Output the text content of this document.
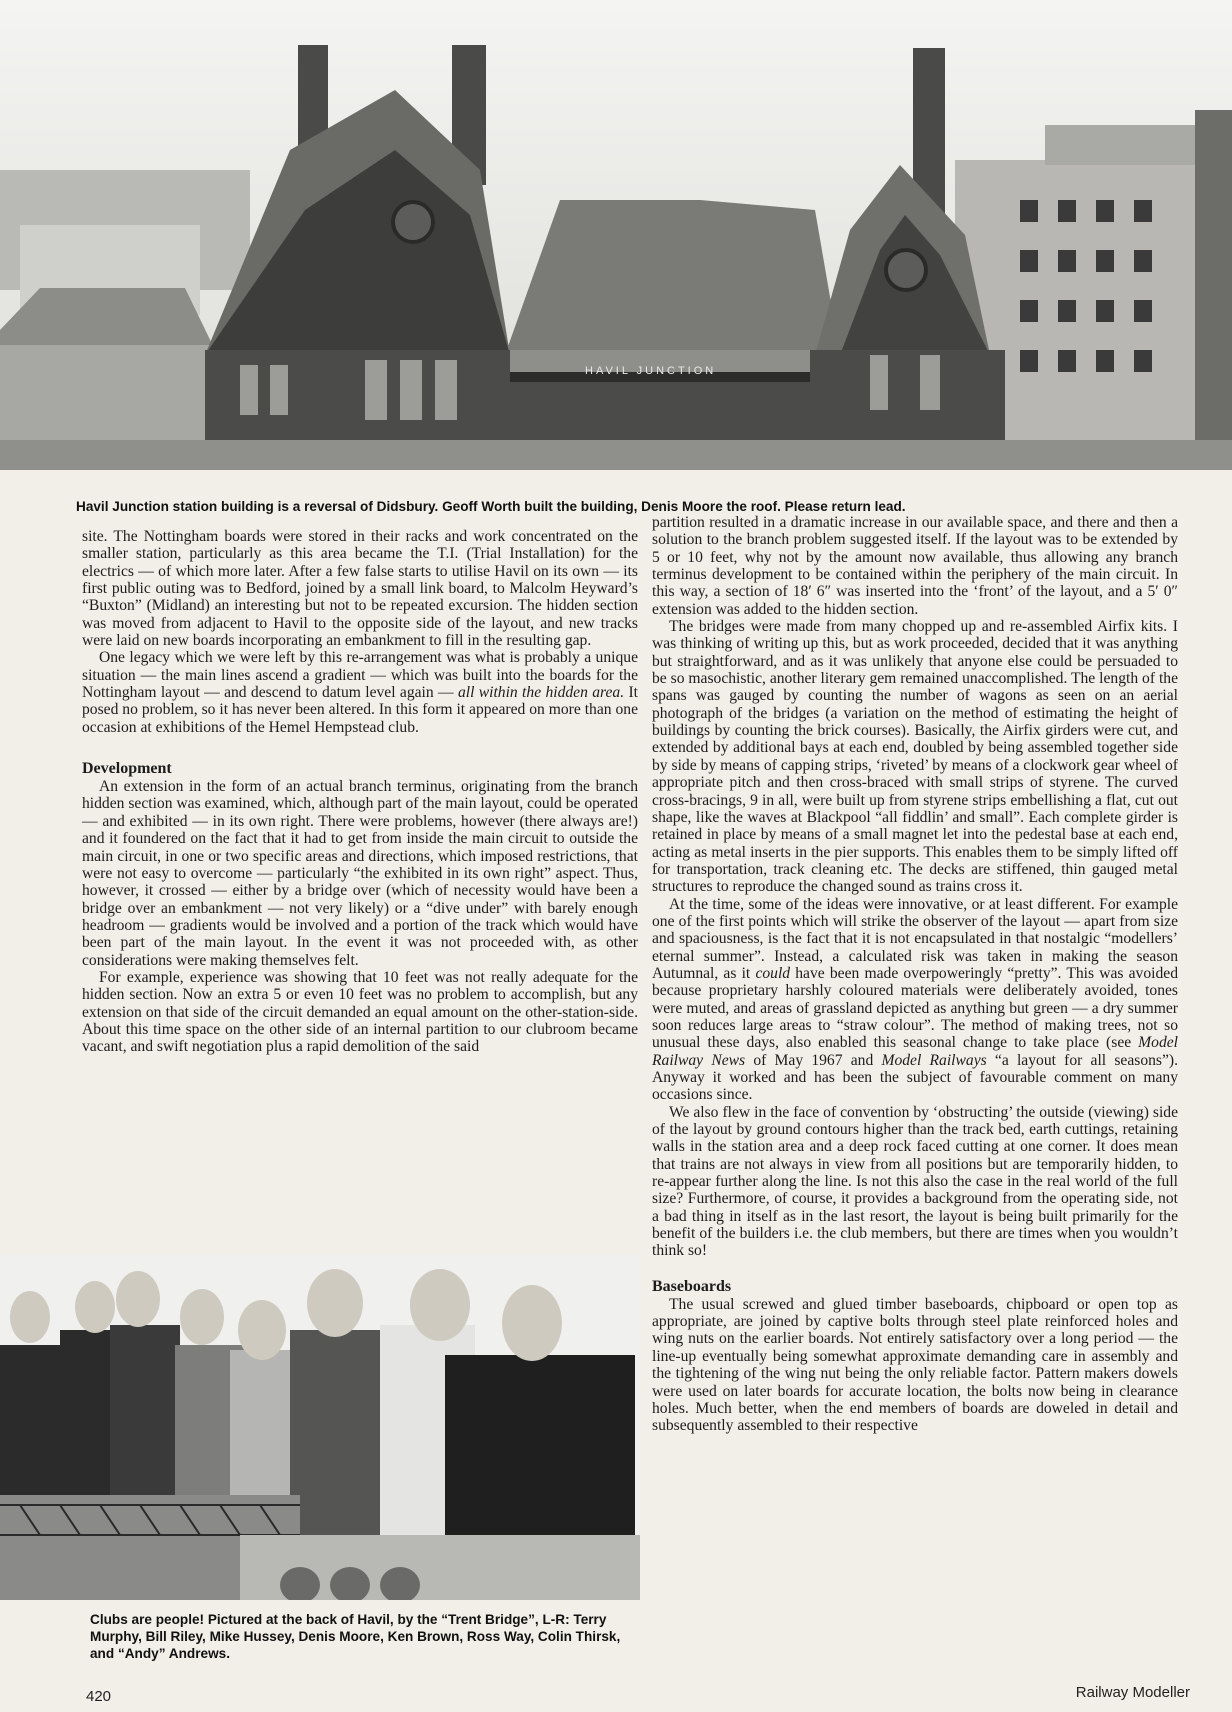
HAVIL JUNCTION
Havil Junction station building is a reversal of Didsbury. Geoff Worth built the building, Denis Moore the roof. Please return lead.

site. The Nottingham boards were stored in their racks and work concentrated on the smaller station, particularly as this area became the T.I. (Trial Installation) for the electrics — of which more later. After a few false starts to utilise Havil on its own — its first public outing was to Bedford, joined by a small link board, to Malcolm Heyward’s “Buxton” (Midland) an interesting but not to be repeated excursion. The hidden section was moved from adjacent to Havil to the opposite side of the layout, and new tracks were laid on new boards incorporating an embankment to fill in the resulting gap.

One legacy which we were left by this re-arrangement was what is probably a unique situation — the main lines ascend a gradient — which was built into the boards for the Nottingham layout — and descend to datum level again — all within the hidden area. It posed no problem, so it has never been altered. In this form it appeared on more than one occasion at exhibitions of the Hemel Hempstead club.

Development

An extension in the form of an actual branch terminus, originating from the branch hidden section was examined, which, although part of the main layout, could be operated — and exhibited — in its own right. There were problems, however (there always are!) and it foundered on the fact that it had to get from inside the main circuit to outside the main circuit, in one or two specific areas and directions, which imposed restrictions, that were not easy to overcome — particularly “the exhibited in its own right” aspect. Thus, however, it crossed — either by a bridge over (which of necessity would have been a bridge over an embankment — not very likely) or a “dive under” with barely enough headroom — gradients would be involved and a portion of the track which would have been part of the main layout. In the event it was not proceeded with, as other considerations were making themselves felt.

For example, experience was showing that 10 feet was not really adequate for the hidden section. Now an extra 5 or even 10 feet was no problem to accomplish, but any extension on that side of the circuit demanded an equal amount on the other-station-side. About this time space on the other side of an internal partition to our clubroom became vacant, and swift negotiation plus a rapid demolition of the said

partition resulted in a dramatic increase in our available space, and there and then a solution to the branch problem suggested itself. If the layout was to be extended by 5 or 10 feet, why not by the amount now available, thus allowing any branch terminus development to be contained within the periphery of the main circuit. In this way, a section of 18′ 6″ was inserted into the ‘front’ of the layout, and a 5′ 0″ extension was added to the hidden section.

The bridges were made from many chopped up and re-assembled Airfix kits. I was thinking of writing up this, but as work proceeded, decided that it was anything but straightforward, and as it was unlikely that anyone else could be persuaded to be so masochistic, another literary gem remained unaccomplished. The length of the spans was gauged by counting the number of wagons as seen on an aerial photograph of the bridges (a variation on the method of estimating the height of buildings by counting the brick courses). Basically, the Airfix girders were cut, and extended by additional bays at each end, doubled by being assembled together side by side by means of capping strips, ‘riveted’ by means of a clockwork gear wheel of appropriate pitch and then cross-braced with small strips of styrene. The curved cross-bracings, 9 in all, were built up from styrene strips embellishing a flat, cut out shape, like the waves at Blackpool “all fiddlin’ and small”. Each complete girder is retained in place by means of a small magnet let into the pedestal base at each end, acting as metal inserts in the pier supports. This enables them to be simply lifted off for transportation, track cleaning etc. The decks are stiffened, thin gauged metal structures to reproduce the changed sound as trains cross it.

At the time, some of the ideas were innovative, or at least different. For example one of the first points which will strike the observer of the layout — apart from size and spaciousness, is the fact that it is not encapsulated in that nostalgic “modellers’ eternal summer”. Instead, a calculated risk was taken in making the season Autumnal, as it could have been made overpoweringly “pretty”. This was avoided because proprietary harshly coloured materials were deliberately avoided, tones were muted, and areas of grassland depicted as anything but green — a dry summer soon reduces large areas to “straw colour”. The method of making trees, not so unusual these days, also enabled this seasonal change to take place (see Model Railway News of May 1967 and Model Railways “a layout for all seasons”). Anyway it worked and has been the subject of favourable comment on many occasions since.

We also flew in the face of convention by ‘obstructing’ the outside (viewing) side of the layout by ground contours higher than the track bed, earth cuttings, retaining walls in the station area and a deep rock faced cutting at one corner. It does mean that trains are not always in view from all positions but are temporarily hidden, to re-appear further along the line. Is not this also the case in the real world of the full size? Furthermore, of course, it provides a background from the operating side, not a bad thing in itself as in the last resort, the layout is being built primarily for the benefit of the builders i.e. the club members, but there are times when you wouldn’t think so!

Baseboards

The usual screwed and glued timber baseboards, chipboard or open top as appropriate, are joined by captive bolts through steel plate reinforced holes and wing nuts on the earlier boards. Not entirely satisfactory over a long period — the line-up eventually being somewhat approximate demanding care in assembly and the tightening of the wing nut being the only reliable factor. Pattern makers dowels were used on later boards for accurate location, the bolts now being in clearance holes. Much better, when the end members of boards are doweled in detail and subsequently assembled to their respective

Clubs are people! Pictured at the back of Havil, by the “Trent Bridge”, L-R: Terry Murphy, Bill Riley, Mike Hussey, Denis Moore, Ken Brown, Ross Way, Colin Thirsk, and “Andy” Andrews.
420	Railway Modeller
